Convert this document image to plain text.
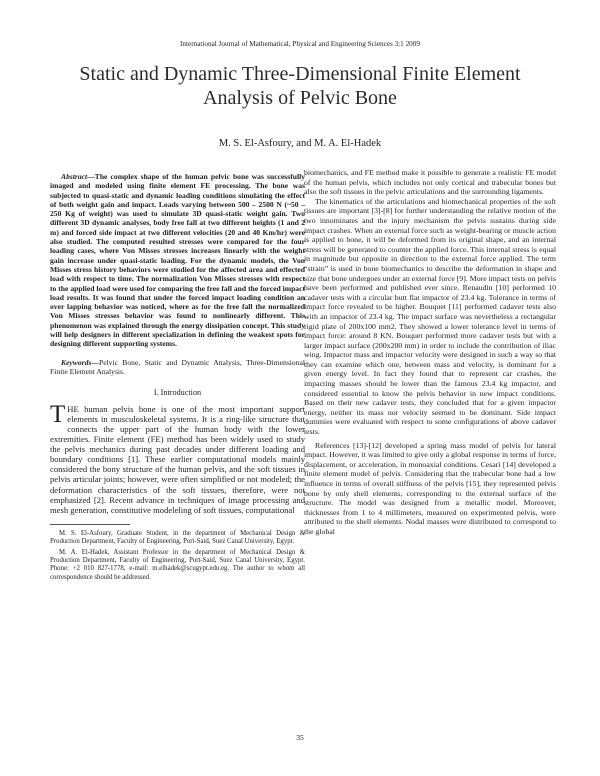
International Journal of Mathematical, Physical and Engineering Sciences 3:1 2009
Static and Dynamic Three-Dimensional Finite Element Analysis of Pelvic Bone
M. S. El-Asfoury, and M. A. El-Hadek

Abstract—The complex shape of the human pelvic bone was successfully imaged and modeled using finite element FE processing. The bone was subjected to quasi-static and dynamic loading conditions simulating the effect of both weight gain and impact. Loads varying between 500 – 2500 N (~50 – 250 Kg of weight) was used to simulate 3D quasi-static weight gain. Two different 3D dynamic analyses, body free fall at two different heights (1 and 2 m) and forced side impact at two different velocities (20 and 40 Km/hr) were also studied. The computed resulted stresses were compared for the four loading cases, where Von Misses stresses increases linearly with the weight gain increase under quasi-static loading. For the dynamic models, the Von Misses stress history behaviors were studied for the affected area and effected load with respect to time. The normalization Von Misses stresses with respect to the applied load were used for comparing the free fall and the forced impact load results. It was found that under the forced impact loading condition an over lapping behavior was noticed, where as for the free fall the normalized Von Misses stresses behavior was found to nonlinearly different. This phenomenon was explained through the energy dissipation concept. This study will help designers in different specialization in defining the weakest spots for designing different supporting systems.

Keywords—Pelvic Bone, Static and Dynamic Analysis, Three-Dimensional Finite Element Analysis.

I. Introduction

THE human pelvis bone is one of the most important support elements in musculoskeletal systems. It is a ring-like structure that connects the upper part of the human body with the lower extremities. Finite element (FE) method has been widely used to study the pelvis mechanics during past decades under different loading and boundary conditions [1]. These earlier computational models mainly considered the bony structure of the human pelvis, and the soft tissues in pelvis articular joints; however, were often simplified or not modeled; the deformation characteristics of the soft tissues, therefore, were not emphasized [2]. Recent advance in techniques of image processing and mesh generation, constitutive modeleling of soft tissues, computational

M. S. El-Asfoury, Graduate Student, in the department of Mechanical Design & Production Department, Faculty of Engineering, Port-Said, Suez Canal University, Egypt.

M. A. El-Hadek, Assistant Professor in the department of Mechanical Design & Production Department, Faculty of Engineering, Port-Said, Suez Canal University, Egypt. Phone: +2 010 827-1778, e-mail: m.elhadek@scugypt.edu.eg. The author to whom all correspondence should be addressed.

biomechanics, and FE method make it possible to generate a realistic FE model of the human pelvis, which includes not only cortical and trabecular bones but also the soft tissues in the pelvic articulations and the surrounding ligaments.

The kinematics of the articulations and biomechanical properties of the soft tissues are important [3]-[8] for further understanding the relative motion of the two innominates and the injury mechanism the pelvis sustains during side impact crashes. When an external force such as weight-bearing or muscle action is applied to bone, it will be deformed from its original shape, and an internal stress will be generated to counter the applied force. This internal stress is equal in magnitude but opposite in direction to the external force applied. The term “strain” is used in bone biomechanics to describe the deformation in shape and size that bone undergoes under an external force [9]. More impact tests on pelvis have been performed and published ever since. Renaudin [10] performed 10 cadaver tests with a circular butt flat impactor of 23.4 kg. Tolerance in terms of impact force revealed to be higher. Bouquet [11] performed cadaver tests also with an impactor of 23.4 kg. The impact surface was nevertheless a rectangular rigid plate of 200x100 mm2. They showed a lower tolerance level in terms of impact force: around 8 KN. Bouquet performed more cadaver tests but with a larger impact surface (200x200 mm) in order to include the contribution of iliac wing. Impactor mass and impactor velocity were designed in such a way so that they can examine which one, between mass and velocity, is dominant for a given energy level. In fact they found that to represent car crashes, the impacting masses should be lower than the famous 23.4 kg impactor, and considered essential to know the pelvis behavior in new impact conditions. Based on their new cadaver tests, they concluded that for a given impactor energy, neither its mass nor velocity seemed to be dominant. Side impact dummies were evaluated with respect to some configurations of above cadaver tests.

References [13]-[12] developed a spring mass model of pelvis for lateral impact. However, it was limited to give only a global response in terms of force, displacement, or acceleration, in monoaxial conditions. Cesari [14] developed a finite element model of pelvis. Considering that the trabecular bone had a low influence in terms of overall stiffness of the pelvis [15], they represented pelvis bone by only shell elements, corresponding to the external surface of the structure. The model was designed from a metallic model. Moreover, thicknesses from 1 to 4 millimeters, measured on experimented pelvis, were attributed to the shell elements. Nodal masses were distributed to correspond to the global

35
